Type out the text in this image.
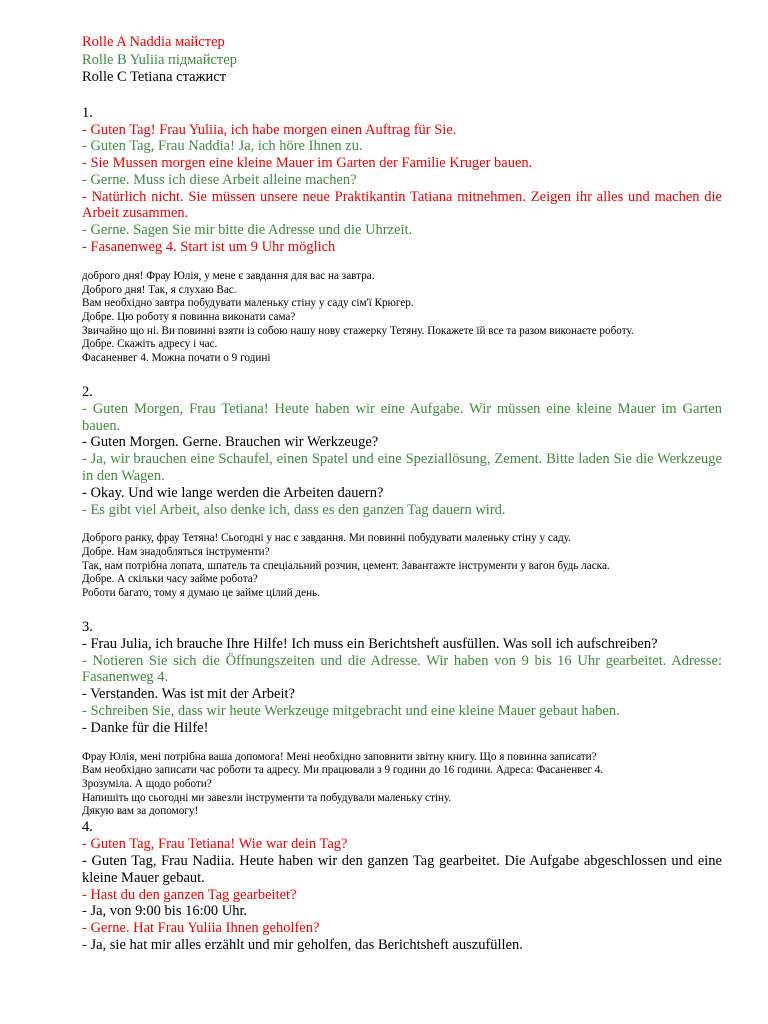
Rolle A Naddia майстер
Rolle B Yuliia підмайстер
Rolle C Tetiana стажист
1.

- Guten Tag! Frau Yuliia, ich habe morgen einen Auftrag für Sie.

- Guten Tag, Frau Naddia! Ja, ich höre Ihnen zu.

- Sie Mussen morgen eine kleine Mauer im Garten der Familie Kruger bauen.

- Gerne. Muss ich diese Arbeit alleine machen?

- Natürlich nicht. Sie müssen unsere neue Praktikantin Tatiana mitnehmen. Zeigen ihr alles und machen die Arbeit zusammen.

- Gerne. Sagen Sie mir bitte die Adresse und die Uhrzeit.

- Fasanenweg 4. Start ist um 9 Uhr möglich

доброго дня! Фрау Юлія, у мене є завдання для вас на завтра.

Доброго дня! Так, я слухаю Вас.

Вам необхідно завтра побудувати маленьку стіну у саду сім'ї Крюгер.

Добре. Цю роботу я повинна виконати сама?

Звичайно що ні. Ви повинні взяти із собою нашу нову стажерку Тетяну. Покажете їй все та разом виконаєте роботу.

Добре. Скажіть адресу і час.

Фасаненвег 4. Можна почати о 9 годині

2.

- Guten Morgen, Frau Tetiana! Heute haben wir eine Aufgabe. Wir müssen eine kleine Mauer im Garten bauen.

- Guten Morgen. Gerne. Brauchen wir Werkzeuge?

- Ja, wir brauchen eine Schaufel, einen Spatel und eine Speziallösung, Zement. Bitte laden Sie die Werkzeuge in den Wagen.

- Okay. Und wie lange werden die Arbeiten dauern?

- Es gibt viel Arbeit, also denke ich, dass es den ganzen Tag dauern wird.

Доброго ранку, фрау Тетяна! Сьогодні у нас є завдання. Ми повинні побудувати маленьку стіну у саду.

Добре. Нам знадобляться інструменти?

Так, нам потрібна лопата, шпатель та спеціальний розчин, цемент. Завантажте інструменти у вагон будь ласка.

Добре. А скільки часу займе робота?

Роботи багато, тому я думаю це займе цілий день.

3.

- Frau Julia, ich brauche Ihre Hilfe! Ich muss ein Berichtsheft ausfüllen. Was soll ich aufschreiben?

- Notieren Sie sich die Öffnungszeiten und die Adresse. Wir haben von 9 bis 16 Uhr gearbeitet. Adresse: Fasanenweg 4.

- Verstanden. Was ist mit der Arbeit?

- Schreiben Sie, dass wir heute Werkzeuge mitgebracht und eine kleine Mauer gebaut haben.

- Danke für die Hilfe!

Фрау Юлія, мені потрібна ваша допомога! Мені необхідно заповнити звітну книгу. Що я повинна записати?

Вам необхідно записати час роботи та адресу. Ми працювали з 9 години до 16 години. Адреса: Фасаненвег 4.

Зрозуміла. А щодо роботи?

Напишіть що сьогодні ми завезли інструменти та побудували маленьку стіну.

Дякую вам за допомогу!

4.

- Guten Tag, Frau Tetiana! Wie war dein Tag?

- Guten Tag, Frau Nadiia. Heute haben wir den ganzen Tag gearbeitet. Die Aufgabe abgeschlossen und eine kleine Mauer gebaut.

- Hast du den ganzen Tag gearbeitet?

- Ja, von 9:00 bis 16:00 Uhr.

- Gerne. Hat Frau Yuliia Ihnen geholfen?

- Ja, sie hat mir alles erzählt und mir geholfen, das Berichtsheft auszufüllen.
